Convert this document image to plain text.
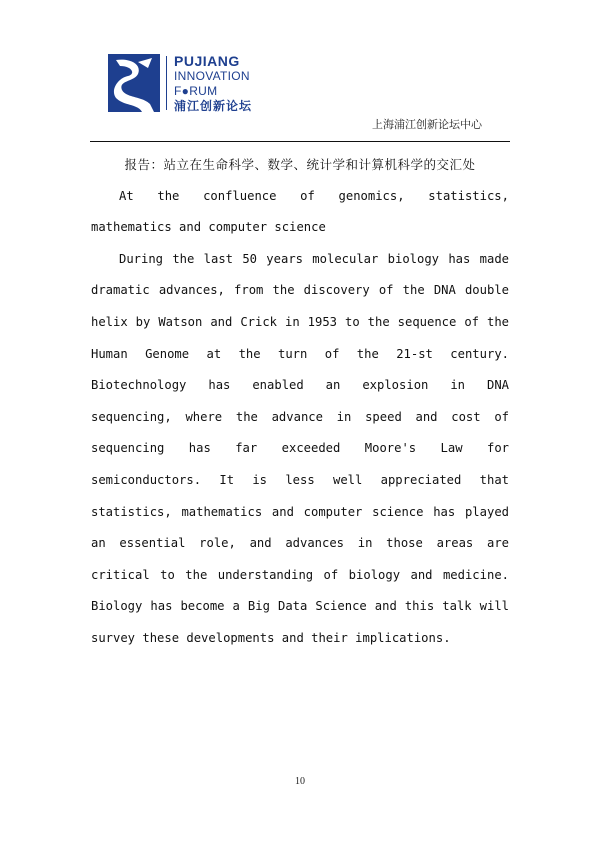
PUJIANG
INNOVATION
F●RUM
浦江创新论坛
上海浦江创新论坛中心
报告：站立在生命科学、数学、统计学和计算机科学的交汇处

At the confluence of genomics, statistics, mathematics and computer science

During the last 50 years molecular biology has made dramatic advances, from the discovery of the DNA double helix by Watson and Crick in 1953 to the sequence of the Human Genome at the turn of the 21-st century. Biotechnology has enabled an explosion in DNA sequencing, where the advance in speed and cost of sequencing has far exceeded Moore's Law for semiconductors. It is less well appreciated that statistics, mathematics and computer science has played an essential role, and advances in those areas are critical to the understanding of biology and medicine. Biology has become a Big Data Science and this talk will survey these developments and their implications.

10
